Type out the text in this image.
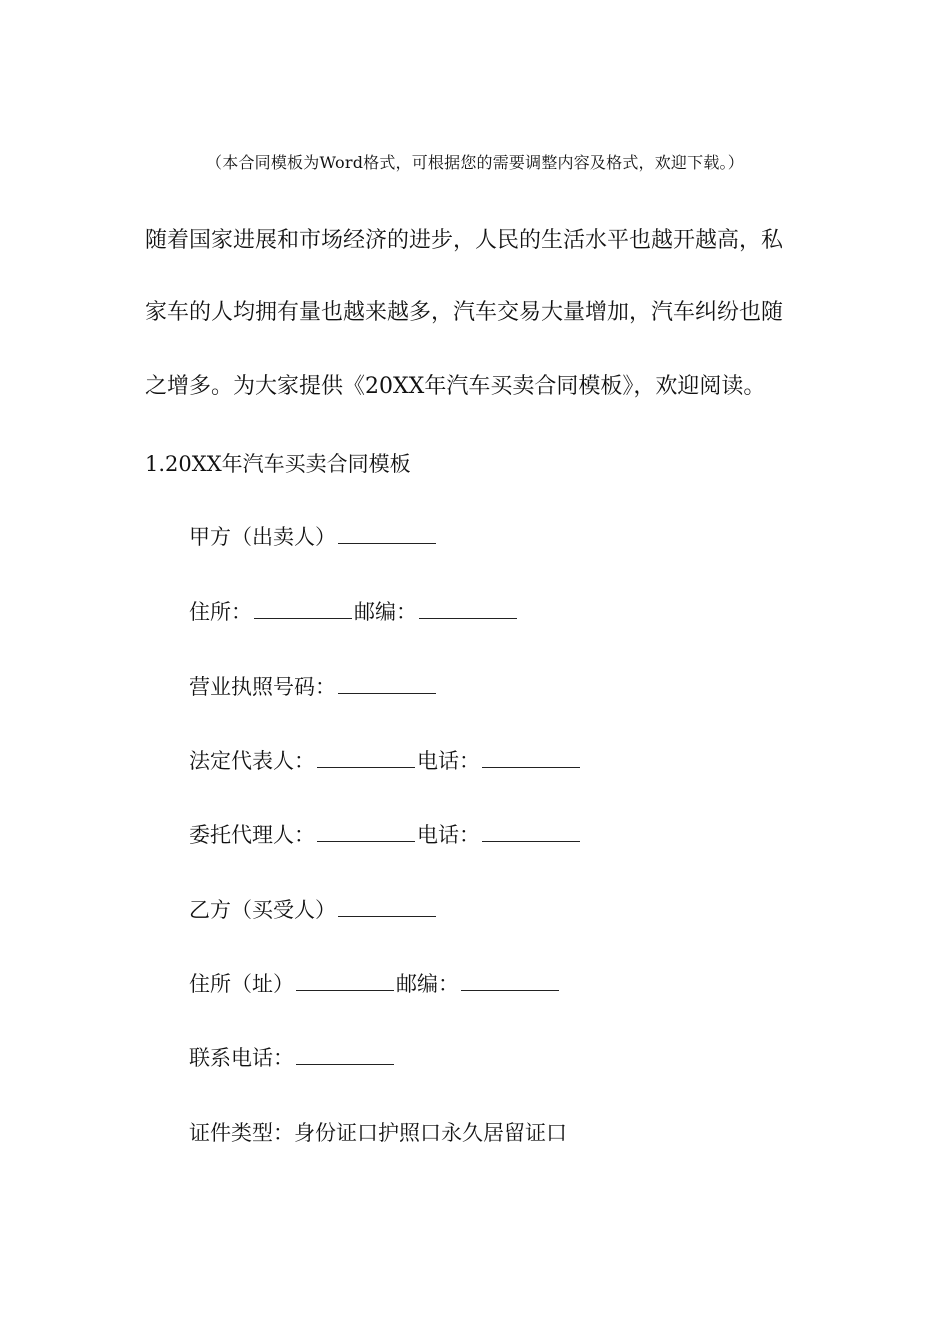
（本合同模板为Word格式，可根据您的需要调整内容及格式，欢迎下载。）
随着国家进展和市场经济的进步，人民的生活水平也越开越高，私
家车的人均拥有量也越来越多，汽车交易大量增加，汽车纠纷也随
之增多。为大家提供《20XX年汽车买卖合同模板》，欢迎阅读。
1.20XX年汽车买卖合同模板
甲方（出卖人）
住所：	邮编：
营业执照号码：
法定代表人：	电话：
委托代理人：	电话：
乙方（买受人）
住所（址）	邮编：
联系电话：
证件类型：身份证口护照口永久居留证口
